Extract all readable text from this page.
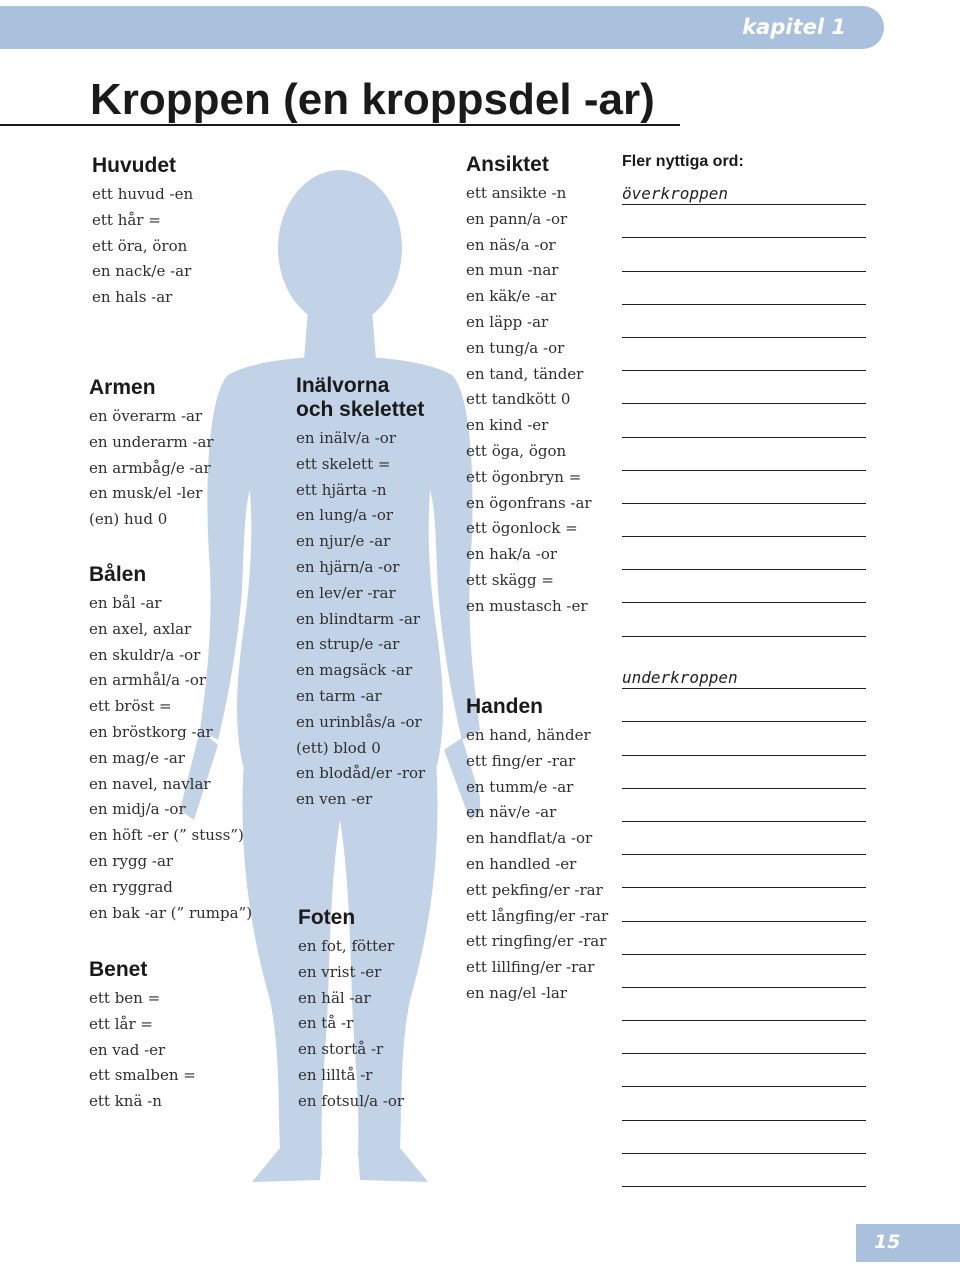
kapitel 1
Kroppen (en kroppsdel -ar)
Huvudet
ett huvud -en
ett hår =
ett öra, öron
en nack/e -ar
en hals -ar
Armen
en överarm -ar
en underarm -ar
en armbåg/e -ar
en musk/el -ler
(en) hud 0
Bålen
en bål -ar
en axel, axlar
en skuldr/a -or
en armhål/a -or
ett bröst =
en bröstkorg -ar
en mag/e -ar
en navel, navlar
en midj/a -or
en höft -er (” stuss”)
en rygg -ar
en ryggrad
en bak -ar (” rumpa”)
Benet
ett ben =
ett lår =
en vad -er
ett smalben =
ett knä -n
Inälvorna
och skelettet
en inälv/a -or
ett skelett =
ett hjärta -n
en lung/a -or
en njur/e -ar
en hjärn/a -or
en lev/er -rar
en blindtarm -ar
en strup/e -ar
en magsäck -ar
en tarm -ar
en urinblås/a -or
(ett) blod 0
en blodåd/er -ror
en ven -er
Foten
en fot, fötter
en vrist -er
en häl -ar
en tå -r
en stortå -r
en lilltå -r
en fotsul/a -or
Ansiktet
ett ansikte -n
en pann/a -or
en näs/a -or
en mun -nar
en käk/e -ar
en läpp -ar
en tung/a -or
en tand, tänder
ett tandkött 0
en kind -er
ett öga, ögon
ett ögonbryn =
en ögonfrans -ar
ett ögonlock =
en hak/a -or
ett skägg =
en mustasch -er
Handen
en hand, händer
ett fing/er -rar
en tumm/e -ar
en näv/e -ar
en handflat/a -or
en handled -er
ett pekfing/er -rar
ett långfing/er -rar
ett ringfing/er -rar
ett lillfing/er -rar
en nag/el -lar
Fler nyttiga ord:
överkroppen
underkroppen
15
